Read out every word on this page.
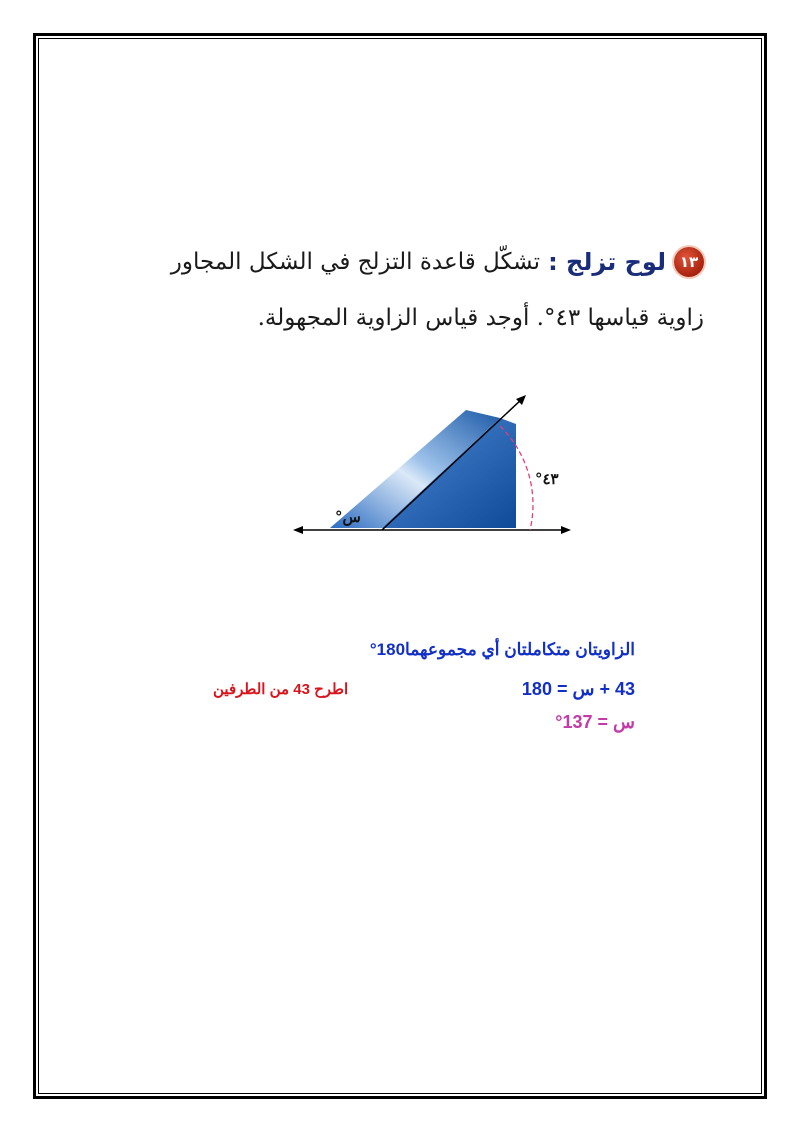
١٣
لوح تزلج :
تشكّل قاعدة التزلج في الشكل المجاور
زاوية قياسها ٤٣°. أوجد قياس الزاوية المجهولة.
٤٣°
س°
الزاويتان متكاملتان أي مجموعهما180°
43 + س = 180
اطرح 43 من الطرفين
س = 137°
